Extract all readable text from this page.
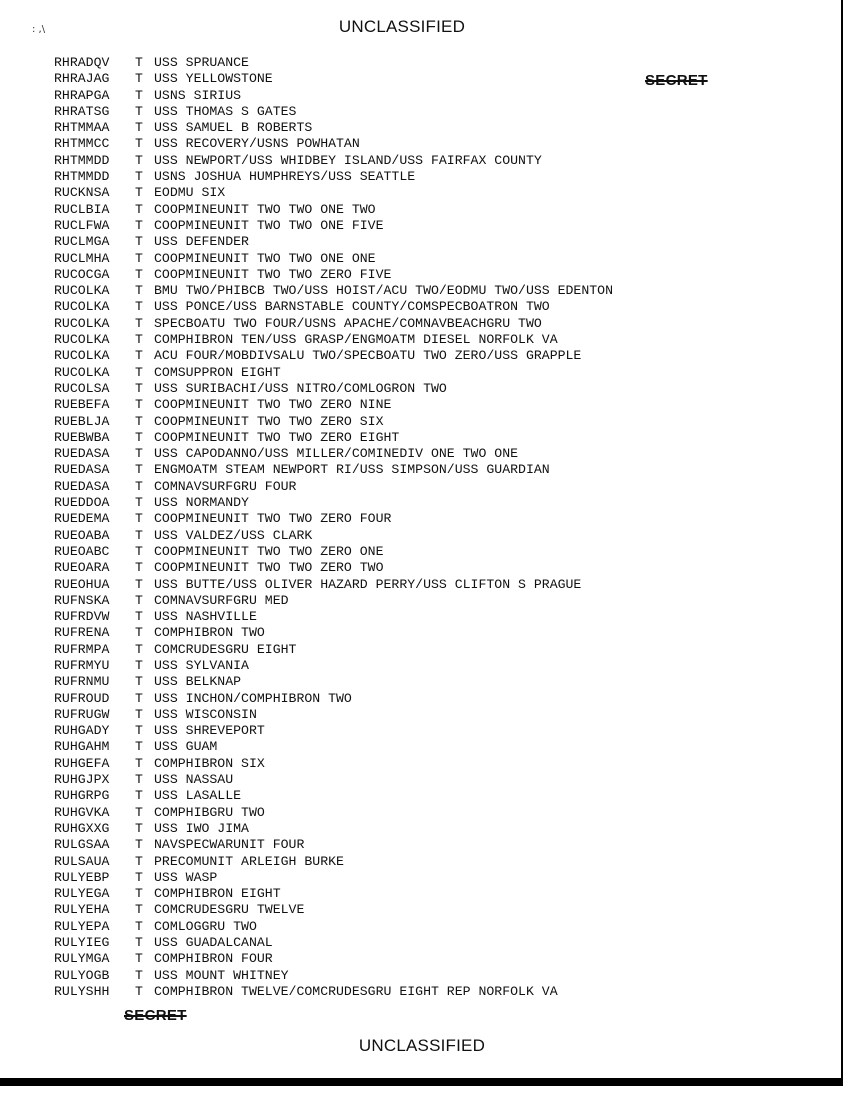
: ,\	UNCLASSIFIED
SECRET
RHRADQV T USS SPRUANCE
RHRAJAG T USS YELLOWSTONE
RHRAPGA T USNS SIRIUS
RHRATSG T USS THOMAS S GATES
RHTMMAA T USS SAMUEL B ROBERTS
RHTMMCC T USS RECOVERY/USNS POWHATAN
RHTMMDD T USS NEWPORT/USS WHIDBEY ISLAND/USS FAIRFAX COUNTY
RHTMMDD T USNS JOSHUA HUMPHREYS/USS SEATTLE
RUCKNSA T EODMU SIX
RUCLBIA T COOPMINEUNIT TWO TWO ONE TWO
RUCLFWA T COOPMINEUNIT TWO TWO ONE FIVE
RUCLMGA T USS DEFENDER
RUCLMHA T COOPMINEUNIT TWO TWO ONE ONE
RUCOCGA T COOPMINEUNIT TWO TWO ZERO FIVE
RUCOLKA T BMU TWO/PHIBCB TWO/USS HOIST/ACU TWO/EODMU TWO/USS EDENTON
RUCOLKA T USS PONCE/USS BARNSTABLE COUNTY/COMSPECBOATRON TWO
RUCOLKA T SPECBOATU TWO FOUR/USNS APACHE/COMNAVBEACHGRU TWO
RUCOLKA T COMPHIBRON TEN/USS GRASP/ENGMOATM DIESEL NORFOLK VA
RUCOLKA T ACU FOUR/MOBDIVSALU TWO/SPECBOATU TWO ZERO/USS GRAPPLE
RUCOLKA T COMSUPPRON EIGHT
RUCOLSA T USS SURIBACHI/USS NITRO/COMLOGRON TWO
RUEBEFA T COOPMINEUNIT TWO TWO ZERO NINE
RUEBLJA T COOPMINEUNIT TWO TWO ZERO SIX
RUEBWBA T COOPMINEUNIT TWO TWO ZERO EIGHT
RUEDASA T USS CAPODANNO/USS MILLER/COMINEDIV ONE TWO ONE
RUEDASA T ENGMOATM STEAM NEWPORT RI/USS SIMPSON/USS GUARDIAN
RUEDASA T COMNAVSURFGRU FOUR
RUEDDOA T USS NORMANDY
RUEDEMA T COOPMINEUNIT TWO TWO ZERO FOUR
RUEOABA T USS VALDEZ/USS CLARK
RUEOABC T COOPMINEUNIT TWO TWO ZERO ONE
RUEOARA T COOPMINEUNIT TWO TWO ZERO TWO
RUEOHUA T USS BUTTE/USS OLIVER HAZARD PERRY/USS CLIFTON S PRAGUE
RUFNSKA T COMNAVSURFGRU MED
RUFRDVW T USS NASHVILLE
RUFRENA T COMPHIBRON TWO
RUFRMPA T COMCRUDESGRU EIGHT
RUFRMYU T USS SYLVANIA
RUFRNMU T USS BELKNAP
RUFROUD T USS INCHON/COMPHIBRON TWO
RUFRUGW T USS WISCONSIN
RUHGADY T USS SHREVEPORT
RUHGAHM T USS GUAM
RUHGEFA T COMPHIBRON SIX
RUHGJPX T USS NASSAU
RUHGRPG T USS LASALLE
RUHGVKA T COMPHIBGRU TWO
RUHGXXG T USS IWO JIMA
RULGSAA T NAVSPECWARUNIT FOUR
RULSAUA T PRECOMUNIT ARLEIGH BURKE
RULYEBP T USS WASP
RULYEGA T COMPHIBRON EIGHT
RULYEHA T COMCRUDESGRU TWELVE
RULYEPA T COMLOGGRU TWO
RULYIEG T USS GUADALCANAL
RULYMGA T COMPHIBRON FOUR
RULYOGB T USS MOUNT WHITNEY
RULYSHH T COMPHIBRON TWELVE/COMCRUDESGRU EIGHT REP NORFOLK VA
SECRET
UNCLASSIFIED
